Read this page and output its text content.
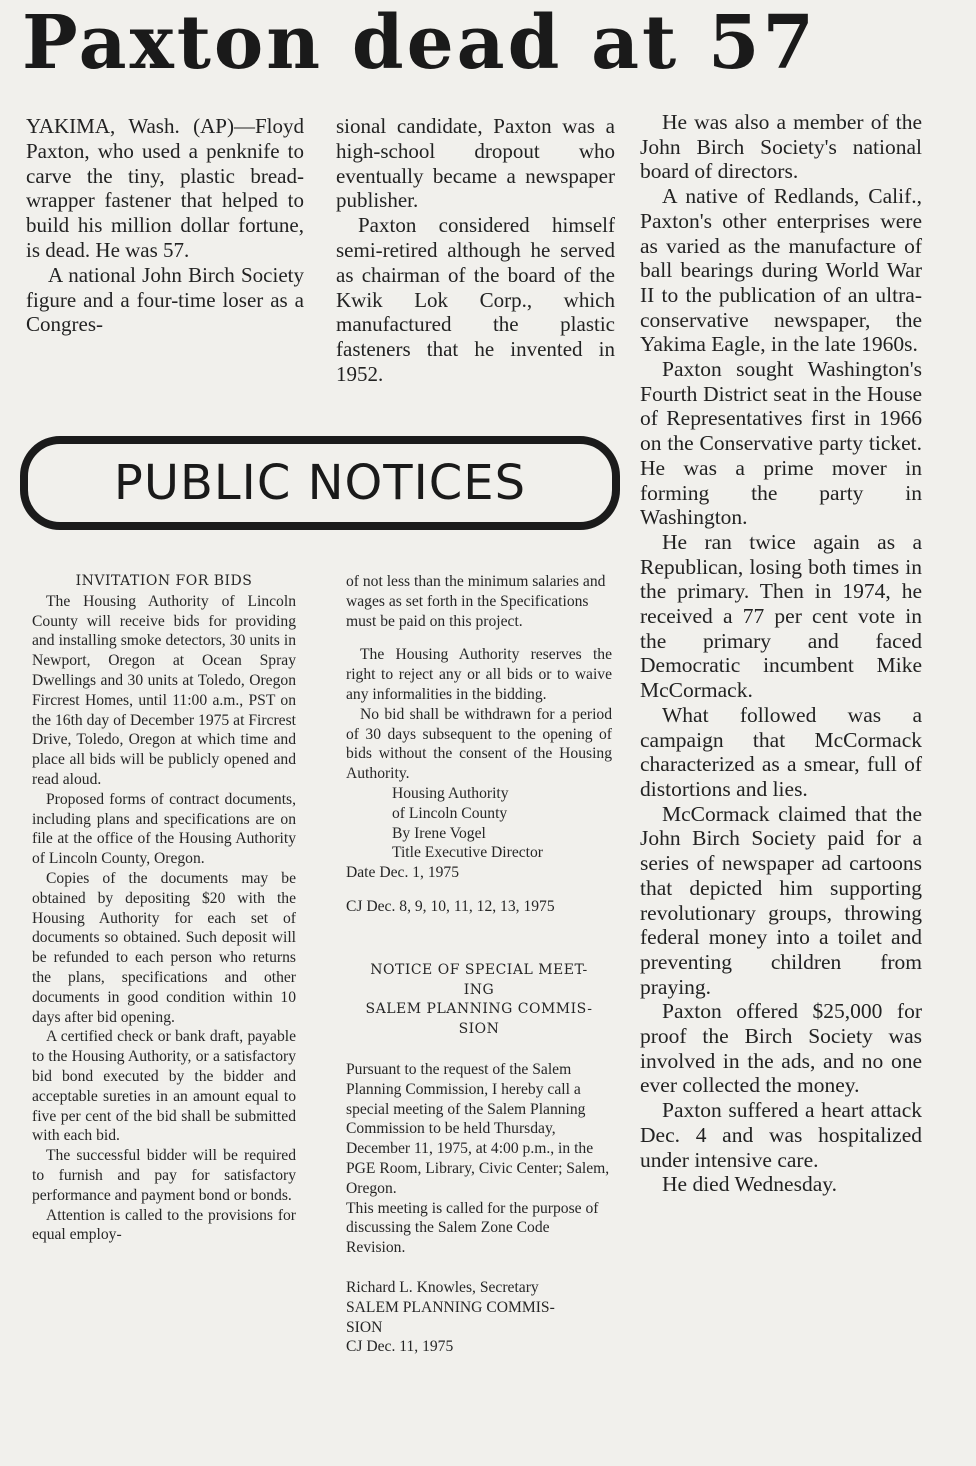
Paxton dead at 57

YAKIMA, Wash. (AP)—Floyd Paxton, who used a penknife to carve the tiny, plastic bread-wrapper fastener that helped to build his million dollar fortune, is dead. He was 57.

A national John Birch Society figure and a four-time loser as a Congres-

sional candidate, Paxton was a high-school dropout who eventually became a newspaper publisher.

Paxton considered himself semi-retired although he served as chairman of the board of the Kwik Lok Corp., which manufactured the plastic fasteners that he invented in 1952.

He was also a member of the John Birch Society's national board of directors.

A native of Redlands, Calif., Paxton's other enterprises were as varied as the manufacture of ball bearings during World War II to the publication of an ultra-conservative newspaper, the Yakima Eagle, in the late 1960s.

Paxton sought Washington's Fourth District seat in the House of Representatives first in 1966 on the Conservative party ticket. He was a prime mover in forming the party in Washington.

He ran twice again as a Republican, losing both times in the primary. Then in 1974, he received a 77 per cent vote in the primary and faced Democratic incumbent Mike McCormack.

What followed was a campaign that McCormack characterized as a smear, full of distortions and lies.

McCormack claimed that the John Birch Society paid for a series of newspaper ad cartoons that depicted him supporting revolutionary groups, throwing federal money into a toilet and preventing children from praying.

Paxton offered $25,000 for proof the Birch Society was involved in the ads, and no one ever collected the money.

Paxton suffered a heart attack Dec. 4 and was hospitalized under intensive care.

He died Wednesday.

PUBLIC NOTICES

INVITATION FOR BIDS

The Housing Authority of Lincoln County will receive bids for providing and installing smoke detectors, 30 units in Newport, Oregon at Ocean Spray Dwellings and 30 units at Toledo, Oregon Fircrest Homes, until 11:00 a.m., PST on the 16th day of December 1975 at Fircrest Drive, Toledo, Oregon at which time and place all bids will be publicly opened and read aloud.

Proposed forms of contract documents, including plans and specifications are on file at the office of the Housing Authority of Lincoln County, Oregon.

Copies of the documents may be obtained by depositing $20 with the Housing Authority for each set of documents so obtained. Such deposit will be refunded to each person who returns the plans, specifications and other documents in good condition within 10 days after bid opening.

A certified check or bank draft, payable to the Housing Authority, or a satisfactory bid bond executed by the bidder and acceptable sureties in an amount equal to five per cent of the bid shall be submitted with each bid.

The successful bidder will be required to furnish and pay for satisfactory performance and payment bond or bonds.

Attention is called to the provisions for equal employ-

of not less than the minimum salaries and wages as set forth in the Specifications must be paid on this project.

The Housing Authority reserves the right to reject any or all bids or to waive any informalities in the bidding.

No bid shall be withdrawn for a period of 30 days subsequent to the opening of bids without the consent of the Housing Authority.

Housing Authority

of Lincoln County

By Irene Vogel

Title Executive Director

Date Dec. 1, 1975

CJ Dec. 8, 9, 10, 11, 12, 13, 1975

NOTICE OF SPECIAL MEET-

ING

SALEM PLANNING COMMIS-

SION

Pursuant to the request of the Salem Planning Commission, I hereby call a special meeting of the Salem Planning Commission to be held Thursday, December 11, 1975, at 4:00 p.m., in the PGE Room, Library, Civic Center; Salem, Oregon.

This meeting is called for the purpose of discussing the Salem Zone Code Revision.

Richard L. Knowles, Secretary

SALEM PLANNING COMMIS-

SION

CJ Dec. 11, 1975
